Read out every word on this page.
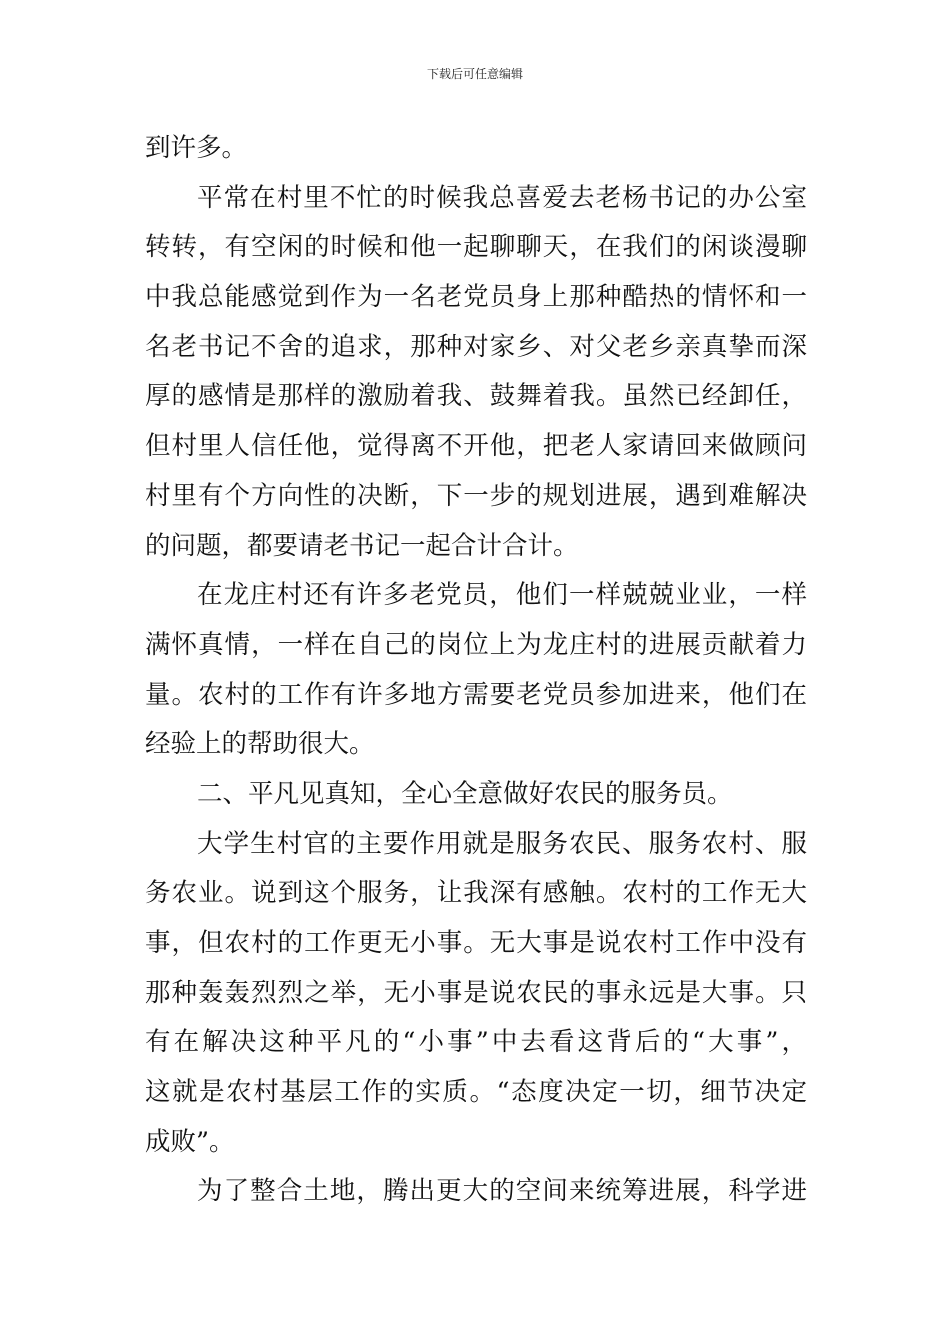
下载后可任意编辑
到许多。
平常在村里不忙的时候我总喜爱去老杨书记的办公室
转转，有空闲的时候和他一起聊聊天，在我们的闲谈漫聊
中我总能感觉到作为一名老党员身上那种酷热的情怀和一
名老书记不舍的追求，那种对家乡、对父老乡亲真挚而深
厚的感情是那样的激励着我、鼓舞着我。虽然已经卸任，
但村里人信任他，觉得离不开他，把老人家请回来做顾问
村里有个方向性的决断，下一步的规划进展，遇到难解决
的问题，都要请老书记一起合计合计。
在龙庄村还有许多老党员，他们一样兢兢业业，一样
满怀真情，一样在自己的岗位上为龙庄村的进展贡献着力
量。农村的工作有许多地方需要老党员参加进来，他们在
经验上的帮助很大。
二、平凡见真知，全心全意做好农民的服务员。
大学生村官的主要作用就是服务农民、服务农村、服
务农业。说到这个服务，让我深有感触。农村的工作无大
事，但农村的工作更无小事。无大事是说农村工作中没有
那种轰轰烈烈之举，无小事是说农民的事永远是大事。只
有在解决这种平凡的“小事”中去看这背后的“大事”，
这就是农村基层工作的实质。“态度决定一切，细节决定
成败”。
为了整合土地，腾出更大的空间来统筹进展，科学进
